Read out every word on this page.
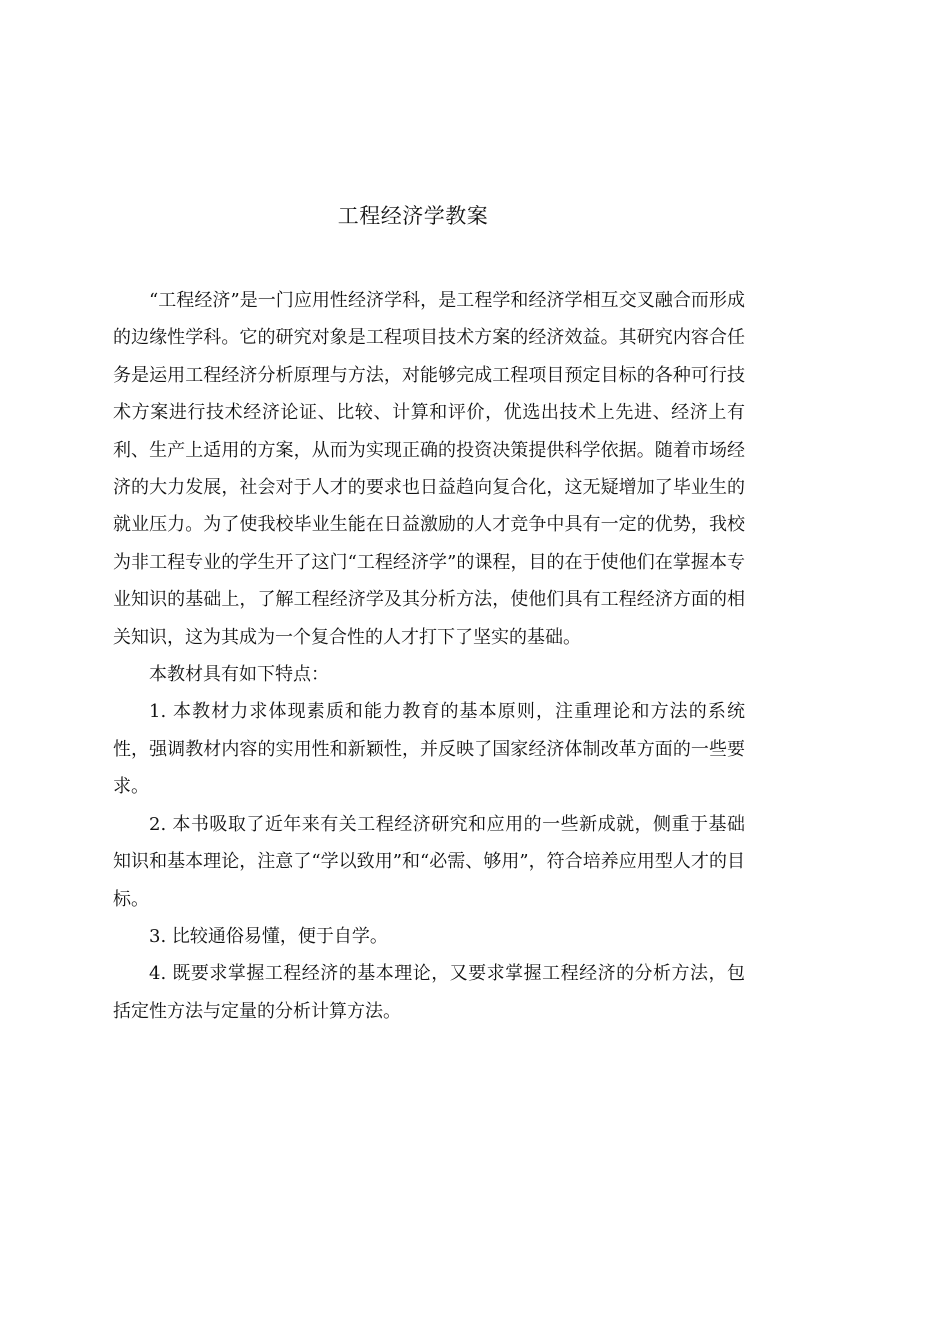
工程经济学教案

“工程经济”是一门应用性经济学科，是工程学和经济学相互交叉融合而形成的边缘性学科。它的研究对象是工程项目技术方案的经济效益。其研究内容合任务是运用工程经济分析原理与方法，对能够完成工程项目预定目标的各种可行技术方案进行技术经济论证、比较、计算和评价，优选出技术上先进、经济上有利、生产上适用的方案，从而为实现正确的投资决策提供科学依据。随着市场经济的大力发展，社会对于人才的要求也日益趋向复合化，这无疑增加了毕业生的就业压力。为了使我校毕业生能在日益激励的人才竞争中具有一定的优势，我校为非工程专业的学生开了这门“工程经济学”的课程，目的在于使他们在掌握本专业知识的基础上，了解工程经济学及其分析方法，使他们具有工程经济方面的相关知识，这为其成为一个复合性的人才打下了坚实的基础。

本教材具有如下特点：

1. 本教材力求体现素质和能力教育的基本原则，注重理论和方法的系统性，强调教材内容的实用性和新颖性，并反映了国家经济体制改革方面的一些要求。

2. 本书吸取了近年来有关工程经济研究和应用的一些新成就，侧重于基础知识和基本理论，注意了“学以致用”和“必需、够用”，符合培养应用型人才的目标。

3. 比较通俗易懂，便于自学。

4. 既要求掌握工程经济的基本理论，又要求掌握工程经济的分析方法，包括定性方法与定量的分析计算方法。
